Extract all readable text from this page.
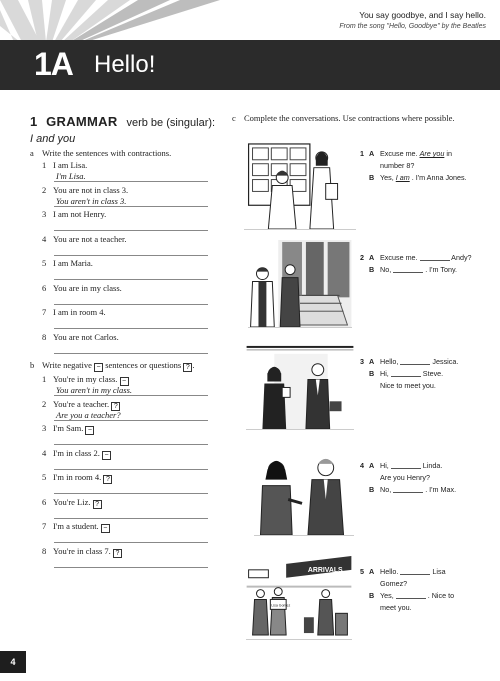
You say goodbye, and I say hello.
From the song "Hello, Goodbye" by the Beatles
1A Hello!
1 GRAMMAR verb be (singular):
I and you
a Write the sentences with contractions.
1 I am Lisa.
I'm Lisa.
2 You are not in class 3.
You aren't in class 3.
3 I am not Henry.
4 You are not a teacher.
5 I am Maria.
6 You are in my class.
7 I am in room 4.
8 You are not Carlos.
b Write negative − sentences or questions ? .
1 You're in my class. −
You aren't in my class.
2 You're a teacher. ?
Are you a teacher?
3 I'm Sam. −
4 I'm in class 2. −
5 I'm in room 4. ?
6 You're Liz. ?
7 I'm a student. −
8 You're in class 7. ?
c Complete the conversations. Use contractions where possible.
ARRIVALS
Lisa Gomez
1 A Excuse me. Are you in
number 8?
B Yes, I am . I'm Anna Jones.
2 A Excuse me.	Andy?
B No,	. I'm Tony.
3 A Hello,	Jessica.
B Hi,	Steve.
Nice to meet you.
4 A Hi,	Linda.
Are you Henry?
B No,	. I'm Max.
5 A Hello.	Lisa
Gomez?
B Yes,	. Nice to
meet you.
4
